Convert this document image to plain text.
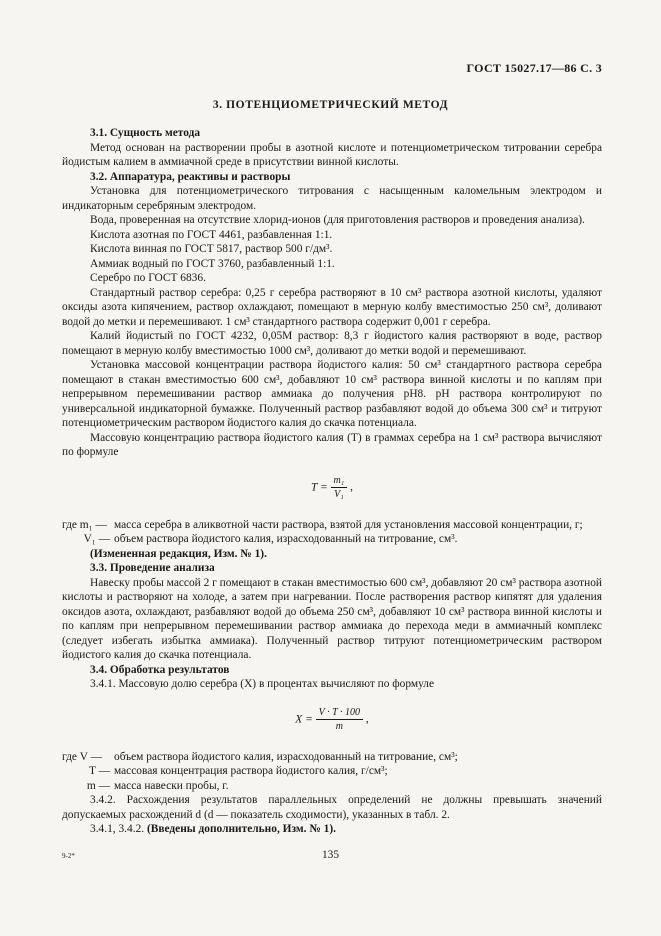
ГОСТ 15027.17—86 С. 3
3. ПОТЕНЦИОМЕТРИЧЕСКИЙ МЕТОД

3.1. Сущность метода

Метод основан на растворении пробы в азотной кислоте и потенциометрическом титровании серебра йодистым калием в аммиачной среде в присутствии винной кислоты.

3.2. Аппаратура, реактивы и растворы

Установка для потенциометрического титрования с насыщенным каломельным электродом и индикаторным серебряным электродом.

Вода, проверенная на отсутствие хлорид-ионов (для приготовления растворов и проведения анализа).

Кислота азотная по ГОСТ 4461, разбавленная 1:1.

Кислота винная по ГОСТ 5817, раствор 500 г/дм³.

Аммиак водный по ГОСТ 3760, разбавленный 1:1.

Серебро по ГОСТ 6836.

Стандартный раствор серебра: 0,25 г серебра растворяют в 10 см³ раствора азотной кислоты, удаляют оксиды азота кипячением, раствор охлаждают, помещают в мерную колбу вместимостью 250 см³, доливают водой до метки и перемешивают. 1 см³ стандартного раствора содержит 0,001 г серебра.

Калий йодистый по ГОСТ 4232, 0,05М раствор: 8,3 г йодистого калия растворяют в воде, раствор помещают в мерную колбу вместимостью 1000 см³, доливают до метки водой и перемешивают.

Установка массовой концентрации раствора йодистого калия: 50 см³ стандартного раствора серебра помещают в стакан вместимостью 600 см³, добавляют 10 см³ раствора винной кислоты и по каплям при непрерывном перемешивании раствор аммиака до получения pH8. pH раствора контролируют по универсальной индикаторной бумажке. Полученный раствор разбавляют водой до объема 300 см³ и титруют потенциометрическим раствором йодистого калия до скачка потенциала.

Массовую концентрацию раствора йодистого калия (T) в граммах серебра на 1 см³ раствора вычисляют по формуле

$T = \frac{\text{m₁}}{\text{V₁}}$ ,
где m₁ — масса серебра в аликвотной части раствора, взятой для установления массовой концентрации, г;
V₁ — объем раствора йодистого калия, израсходованный на титрование, см³.

(Измененная редакция, Изм. № 1).

3.3. Проведение анализа

Навеску пробы массой 2 г помещают в стакан вместимостью 600 см³, добавляют 20 см³ раствора азотной кислоты и растворяют на холоде, а затем при нагревании. После растворения раствор кипятят для удаления оксидов азота, охлаждают, разбавляют водой до объема 250 см³, добавляют 10 см³ раствора винной кислоты и по каплям при непрерывном перемешивании раствор аммиака до перехода меди в аммиачный комплекс (следует избегать избытка аммиака). Полученный раствор титруют потенциометрическим раствором йодистого калия до скачка потенциала.

3.4. Обработка результатов

3.4.1. Массовую долю серебра (X) в процентах вычисляют по формуле

$X = \frac{V \cdot T \cdot 100}{m}$ ,
где V —	объем раствора йодистого калия, израсходованный на титрование, см³;
T — массовая концентрация раствора йодистого калия, г/см³;
m — масса навески пробы, г.

3.4.2. Расхождения результатов параллельных определений не должны превышать значений допускаемых расхождений d (d — показатель сходимости), указанных в табл. 2.

3.4.1, 3.4.2. (Введены дополнительно, Изм. № 1).

9-2*	135
